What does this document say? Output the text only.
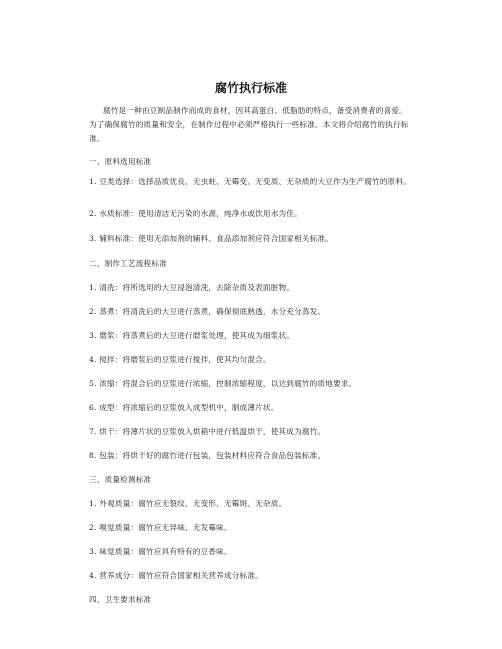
腐竹执行标准
腐竹是一种由豆制品制作而成的食材，因其高蛋白、低脂肪的特点，备受消费者的喜爱。为了确保腐竹的质量和安全，在制作过程中必须严格执行一些标准。本文将介绍腐竹的执行标准。
一、原料选用标准
1. 豆类选择：选择品质优良、无虫蛀、无霉变、无变质、无杂质的大豆作为生产腐竹的原料。
2. 水质标准：使用清洁无污染的水源，纯净水或饮用水为佳。
3. 辅料标准：使用无添加剂的辅料、食品添加剂应符合国家相关标准。
二、制作工艺流程标准
1. 清洗：将所选用的大豆浸泡清洗，去除杂质及表面脏物。
2. 蒸煮：将清洗后的大豆进行蒸煮，确保彻底熟透，水分充分蒸发。
3. 磨浆：将蒸煮后的大豆进行磨浆处理，使其成为细浆状。
4. 搅拌：将磨浆后的豆浆进行搅拌，使其均匀混合。
5. 浓缩：将混合后的豆浆进行浓缩，控制浓缩程度，以达到腐竹的质地要求。
6. 成型：将浓缩后的豆浆放入成型机中，制成薄片状。
7. 烘干：将薄片状的豆浆放入烘箱中进行低温烘干，使其成为腐竹。
8. 包装：将烘干好的腐竹进行包装，包装材料应符合食品包装标准。
三、质量检测标准
1. 外观质量：腐竹应无裂纹、无变形、无霉斑、无杂质。
2. 嗅觉质量：腐竹应无异味、无发霉味。
3. 味觉质量：腐竹应具有特有的豆香味。
4. 营养成分：腐竹应符合国家相关营养成分标准。
四、卫生要求标准
